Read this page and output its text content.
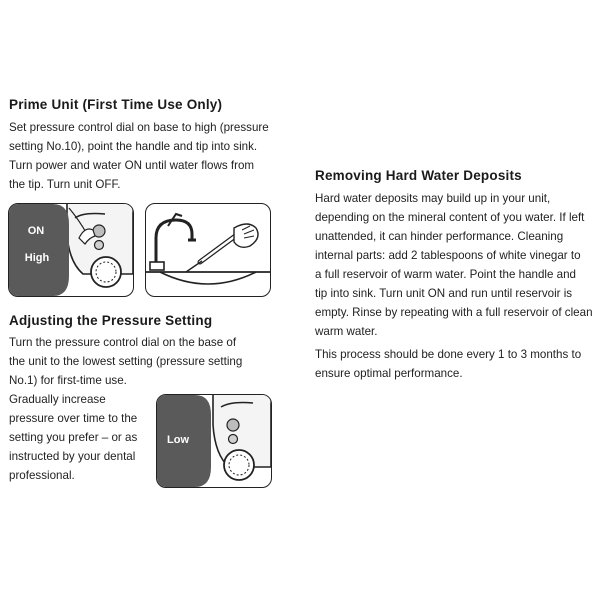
Prime Unit (First Time Use Only)
Set pressure control dial on base to high (pressure
setting No.10), point the handle and tip into sink.
Turn power and water ON until water flows from
the tip. Turn unit OFF.
ON
High
Adjusting the Pressure Setting
Turn the pressure control dial on the base of
the unit to the lowest setting (pressure setting
No.1) for first-time use.
Gradually increase
pressure over time to the
setting you prefer – or as
instructed by your dental
professional.
Low
Removing Hard Water Deposits
Hard water deposits may build up in your unit,
depending on the mineral content of you water. If left
unattended, it can hinder performance. Cleaning
internal parts: add 2 tablespoons of white vinegar to
a full reservoir of warm water. Point the handle and
tip into sink. Turn unit ON and run until reservoir is
empty. Rinse by repeating with a full reservoir of clean
warm water.
This process should be done every 1 to 3 months to
ensure optimal performance.
